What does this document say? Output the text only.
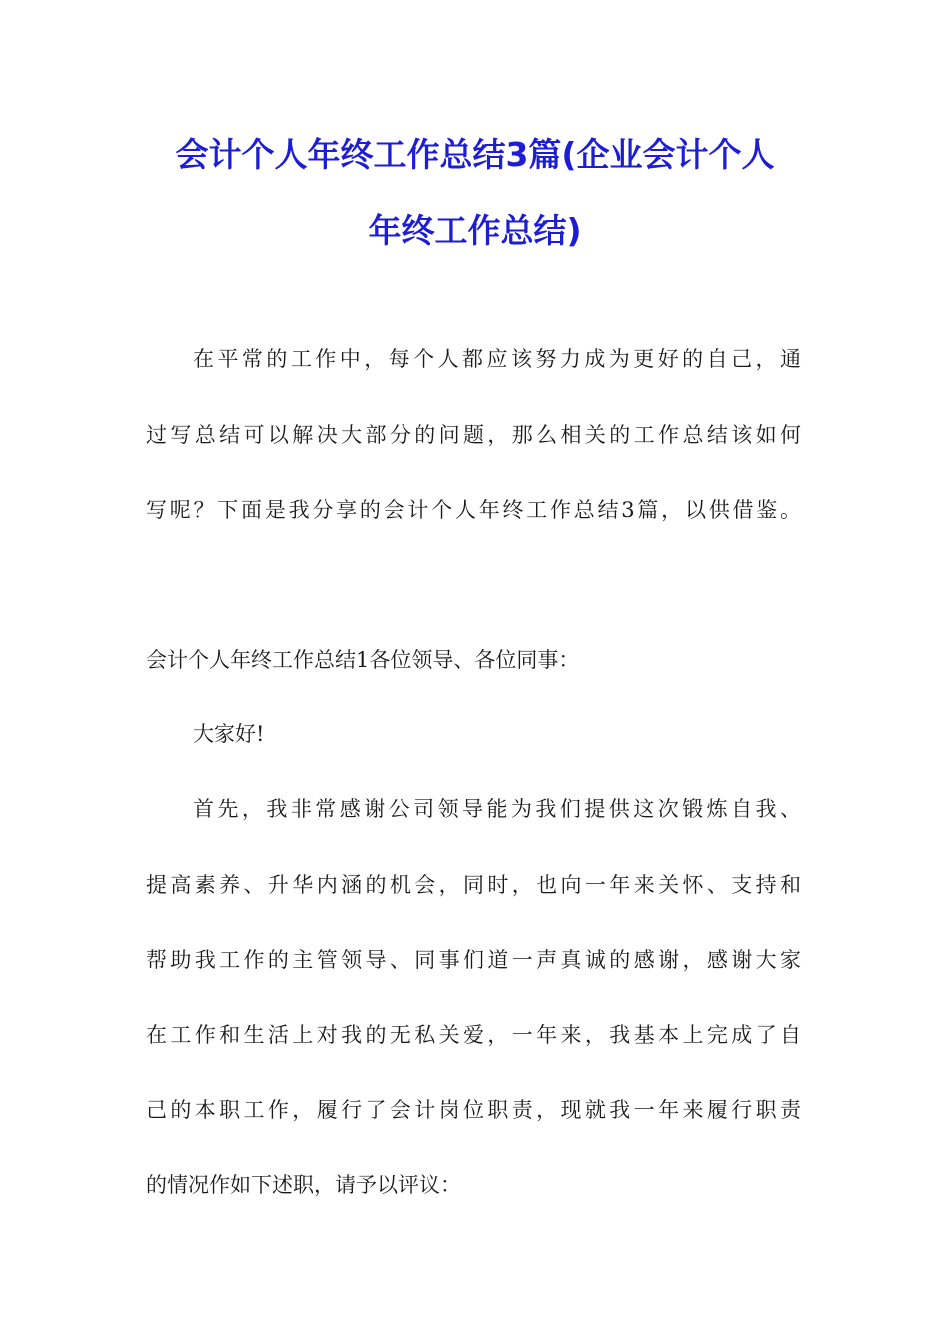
会计个人年终工作总结3篇(企业会计个人
年终工作总结)
在平常的工作中，每个人都应该努力成为更好的自己，通
过写总结可以解决大部分的问题，那么相关的工作总结该如何
写呢？下面是我分享的会计个人年终工作总结3篇，以供借鉴。
会计个人年终工作总结1各位领导、各位同事：
大家好!
首先，我非常感谢公司领导能为我们提供这次锻炼自我、
提高素养、升华内涵的机会，同时，也向一年来关怀、支持和
帮助我工作的主管领导、同事们道一声真诚的感谢，感谢大家
在工作和生活上对我的无私关爱，一年来，我基本上完成了自
己的本职工作，履行了会计岗位职责，现就我一年来履行职责
的情况作如下述职，请予以评议：
